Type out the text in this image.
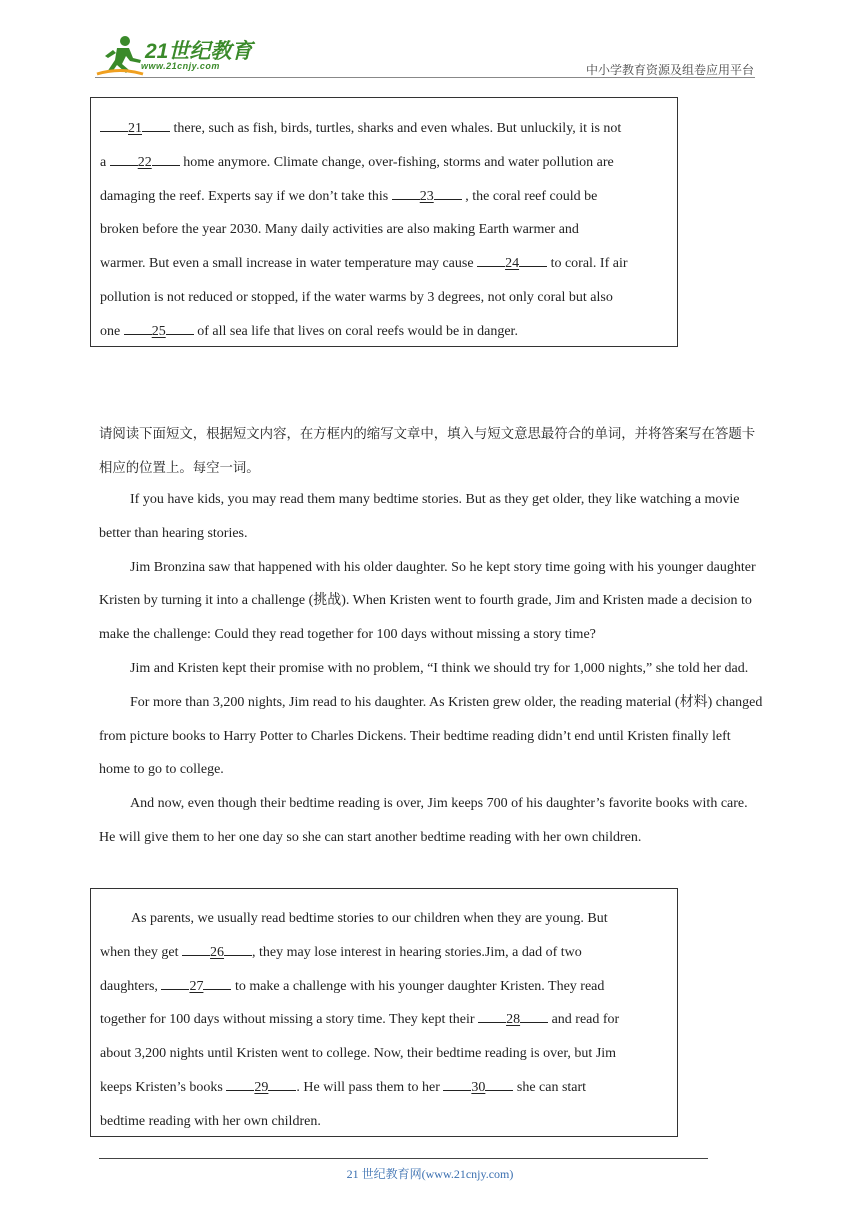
21世纪教育
www.21cnjy.com	中小学教育资源及组卷应用平台

21 there, such as fish, birds, turtles, sharks and even whales. But unluckily, it is not

a 22 home anymore. Climate change, over-fishing, storms and water pollution are

damaging the reef. Experts say if we don’t take this 23 , the coral reef could be

broken before the year 2030. Many daily activities are also making Earth warmer and

warmer. But even a small increase in water temperature may cause 24 to coral. If air

pollution is not reduced or stopped, if the water warms by 3 degrees, not only coral but also

one 25 of all sea life that lives on coral reefs would be in danger.

请阅读下面短文，根据短文内容，在方框内的缩写文章中，填入与短文意思最符合的单词，并将答案写在答题卡相应的位置上。每空一词。

If you have kids, you may read them many bedtime stories. But as they get older, they like watching a movie better than hearing stories.

Jim Bronzina saw that happened with his older daughter. So he kept story time going with his younger daughter Kristen by turning it into a challenge (挑战). When Kristen went to fourth grade, Jim and Kristen made a decision to make the challenge: Could they read together for 100 days without missing a story time?

Jim and Kristen kept their promise with no problem, “I think we should try for 1,000 nights,” she told her dad.

For more than 3,200 nights, Jim read to his daughter. As Kristen grew older, the reading material (材料) changed from picture books to Harry Potter to Charles Dickens. Their bedtime reading didn’t end until Kristen finally left home to go to college.

And now, even though their bedtime reading is over, Jim keeps 700 of his daughter’s favorite books with care. He will give them to her one day so she can start another bedtime reading with her own children.

As parents, we usually read bedtime stories to our children when they are young. But

when they get 26 , they may lose interest in hearing stories.Jim, a dad of two

daughters, 27 to make a challenge with his younger daughter Kristen. They read

together for 100 days without missing a story time. They kept their 28 and read for

about 3,200 nights until Kristen went to college. Now, their bedtime reading is over, but Jim

keeps Kristen’s books 29 . He will pass them to her 30 she can start

bedtime reading with her own children.

21 世纪教育网(www.21cnjy.com)
